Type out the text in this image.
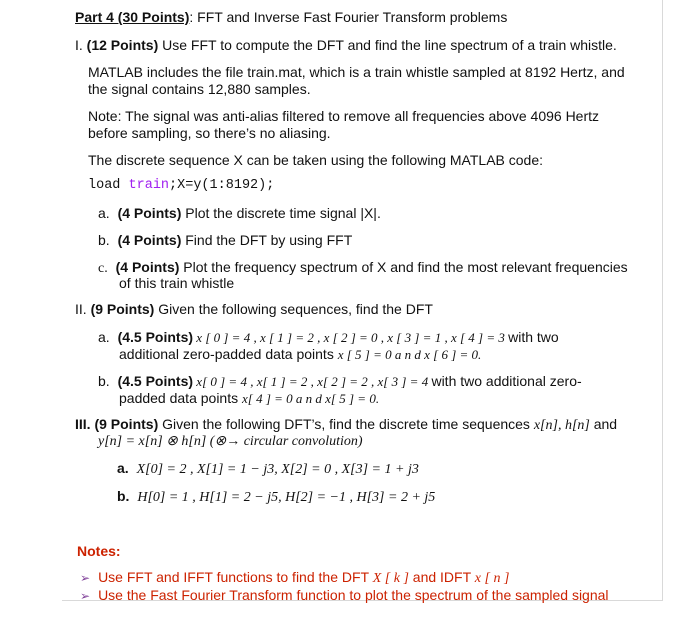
Part 4 (30 Points): FFT and Inverse Fast Fourier Transform problems
I. (12 Points) Use FFT to compute the DFT and find the line spectrum of a train whistle.
MATLAB includes the file train.mat, which is a train whistle sampled at 8192 Hertz, and
the signal contains 12,880 samples.
Note: The signal was anti-alias filtered to remove all frequencies above 4096 Hertz
before sampling, so there’s no aliasing.
The discrete sequence X can be taken using the following MATLAB code:
load train;X=y(1:8192);
a. (4 Points) Plot the discrete time signal |X|.
b. (4 Points) Find the DFT by using FFT
c. (4 Points) Plot the frequency spectrum of X and find the most relevant frequencies
of this train whistle
II. (9 Points) Given the following sequences, find the DFT
a. (4.5 Points) x [ 0 ] = 4 , x [ 1 ] = 2 , x [ 2 ] = 0 , x [ 3 ] = 1 , x [ 4 ] = 3 with two
additional zero-padded data points x [ 5 ] = 0 a n d x [ 6 ] = 0.
b. (4.5 Points) x[ 0 ] = 4 , x[ 1 ] = 2 , x[ 2 ] = 2 , x[ 3 ] = 4 with two additional zero-
padded data points x[ 4 ] = 0 a n d x[ 5 ] = 0.
III. (9 Points) Given the following DFT’s, find the discrete time sequences x[n], h[n] and
y[n] = x[n] ⊗ h[n] (⊗→ circular convolution)
a. X[0] = 2 , X[1] = 1 − j3, X[2] = 0 , X[3] = 1 + j3
b. H[0] = 1 , H[1] = 2 − j5, H[2] = −1 , H[3] = 2 + j5
Notes:
➢ Use FFT and IFFT functions to find the DFT X [ k ] and IDFT x [ n ]
➢ Use the Fast Fourier Transform function to plot the spectrum of the sampled signal
